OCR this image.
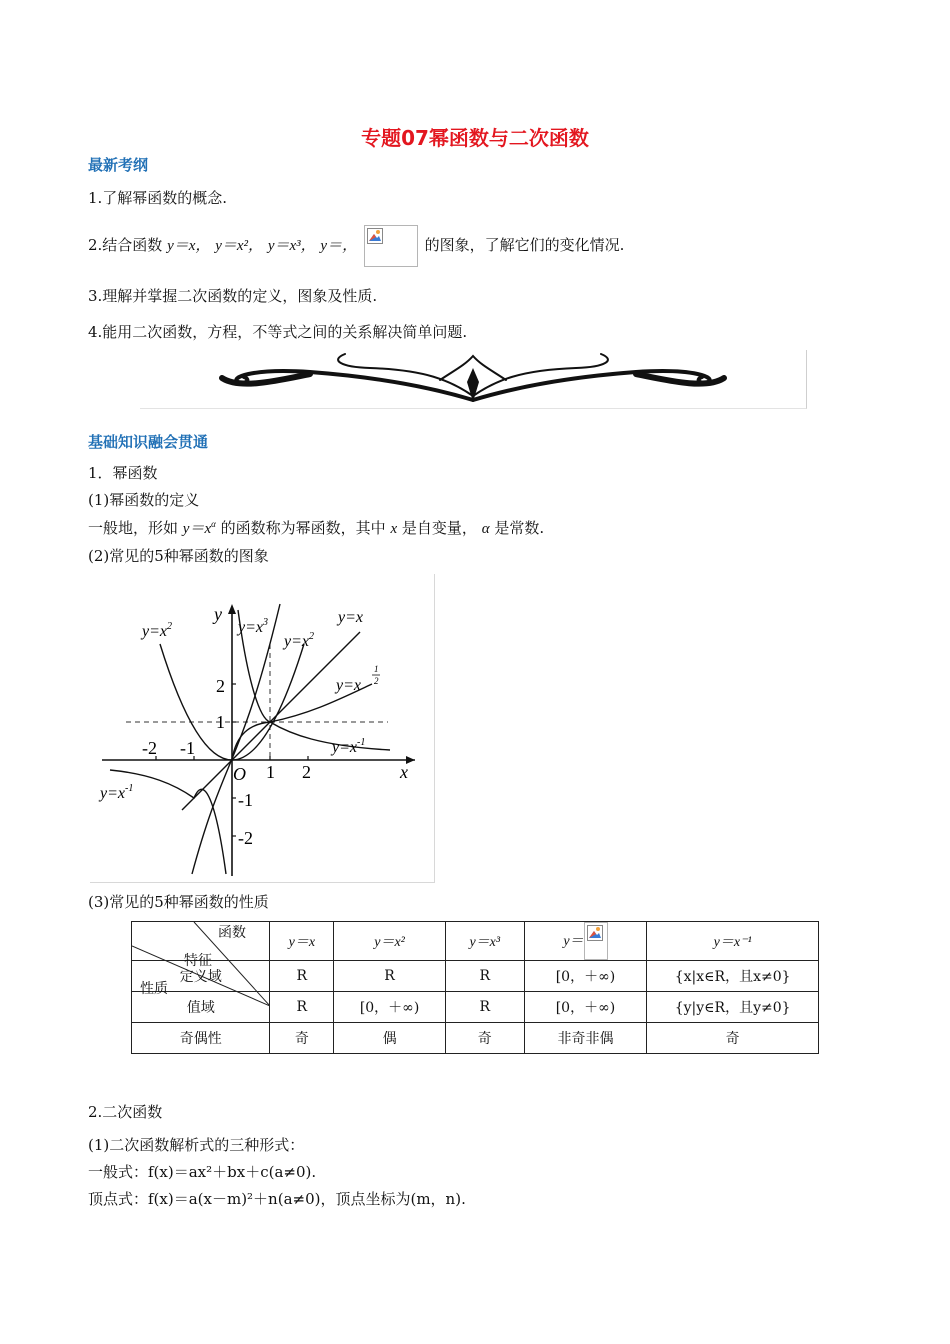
专题07幂函数与二次函数
最新考纲
1.了解幂函数的概念.
2.结合函数 y＝x， y＝x²， y＝x³， y＝，	的图象，了解它们的变化情况.
3.理解并掌握二次函数的定义，图象及性质.
4.能用二次函数，方程，不等式之间的关系解决简单问题.
基础知识融会贯通
1．幂函数
(1)幂函数的定义
一般地，形如 $y=x^\alpha$ 的函数称为幂函数，其中 x 是自变量， α 是常数.
(2)常见的5种幂函数的图象
x
y
O
2
1
-1
-2
-2 -1
1 2
$y=x^2$	$y=x^3$
$y=x^2$
y=x
y=x
1
2
$y=x^{-1}$
$y=x^{-1}$
(3)常见的5种幂函数的性质
函数
特征
性质	y＝x	y＝x²	y＝x³	y＝	y＝x⁻¹
定义域	R	R	R	[0，＋∞)	{x|x∈R，且x≠0}
值域	R	[0，＋∞)	R	[0，＋∞)	{y|y∈R，且y≠0}
奇偶性	奇	偶	奇	非奇非偶	奇
2.二次函数
(1)二次函数解析式的三种形式：
一般式：f(x)＝ax²＋bx＋c(a≠0).
顶点式：f(x)＝a(x－m)²＋n(a≠0)，顶点坐标为(m，n).
